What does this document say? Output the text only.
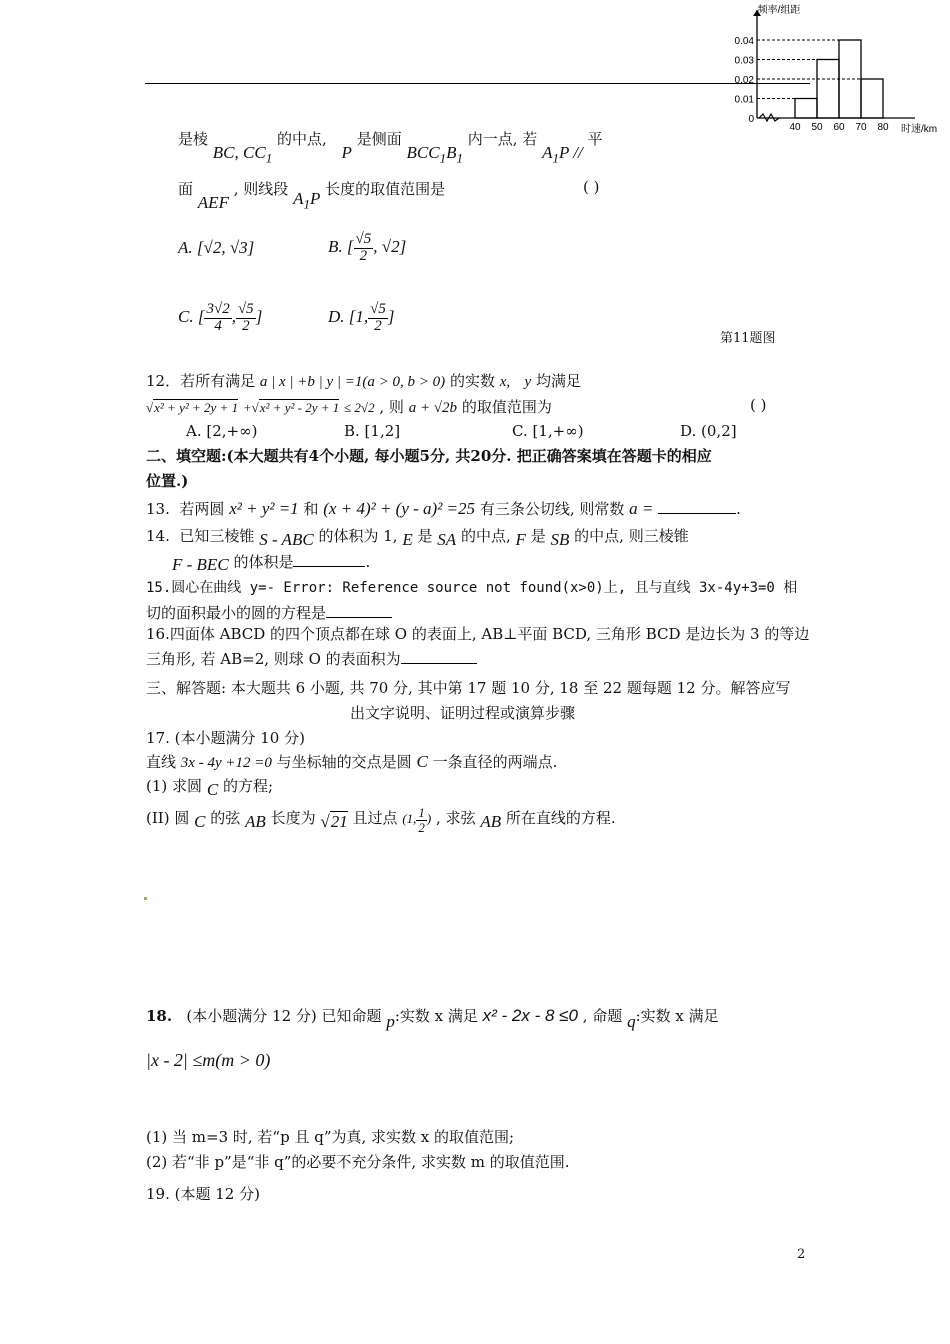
频率/组距
0.04
0.03
0.02
0.01
0
40 50 60 70 80 时速/km
第11题图
是棱 BC, $CC_1$ 的中点, P 是侧面 $BCC_1B_1$ 内一点, 若 $A_1P$ // 平
面 AEF , 则线段 $A_1P$ 长度的取值范围是	( )
A. [√2, √3]	B. [ $\frac{√5}{2}$ , √2]
C. [ $\frac{3√2}{4}$ , $\frac{√5}{2}$ ]	D. [1, $\frac{√5}{2}$ ]
12．若所有满足 a | x | +b | y | =1(a > 0, b > 0) 的实数 x, y 均满足
√x² + y² + 2y + 1 +√x² + y² - 2y + 1 ≤ 2√2 , 则 a + √2b 的取值范围为	( )
A. [2,+∞)	B. [1,2]	C. [1,+∞)	D. (0,2]
二、填空题:(本大题共有4个小题, 每小题5分, 共20分. 把正确答案填在答题卡的相应
位置.)
13. 若两圆 x² + y² =1 和 (x + 4)² + (y - a)² =25 有三条公切线, 则常数 a =	.
14. 已知三棱锥 S - ABC 的体积为 1, E 是 SA 的中点, F 是 SB 的中点, 则三棱锥
F - BEC 的体积是	.
15.圆心在曲线 y=- Error: Reference source not found(x>0)上, 且与直线 3x-4y+3=0 相
切的面积最小的圆的方程是
16.四面体 ABCD 的四个顶点都在球 O 的表面上, AB⊥平面 BCD, 三角形 BCD 是边长为 3 的等边
三角形, 若 AB=2, 则球 O 的表面积为
三、解答题: 本大题共 6 小题, 共 70 分, 其中第 17 题 10 分, 18 至 22 题每题 12 分。解答应写
出文字说明、证明过程或演算步骤
17. (本小题满分 10 分)
直线 3x - 4y +12 =0 与坐标轴的交点是圆 C 一条直径的两端点.
(1) 求圆 C 的方程;
(II) 圆 C 的弦 AB 长度为 √21 且过点 (1, $\frac{1}{2}$ ) , 求弦 AB 所在直线的方程.
18. (本小题满分 12 分) 已知命题 p:实数 x 满足 x² - 2x - 8 ≤0 , 命题 q:实数 x 满足
|x - 2| ≤m(m > 0)
(1) 当 m=3 时, 若“p 且 q”为真, 求实数 x 的取值范围;
(2) 若“非 p”是“非 q”的必要不充分条件, 求实数 m 的取值范围.
19. (本题 12 分)
2
